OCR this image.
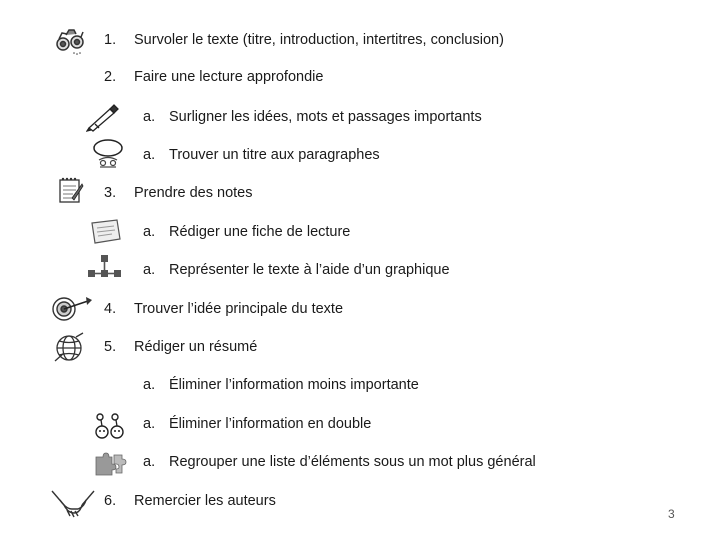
1. Survoler le texte (titre, introduction, intertitres, conclusion)
2. Faire une lecture approfondie
a. Surligner les idées, mots et passages importants
a. Trouver un titre aux paragraphes
3. Prendre des notes
a. Rédiger une fiche de lecture
a. Représenter le texte à l’aide d’un graphique
4. Trouver l’idée principale du texte
5. Rédiger un résumé
a. Éliminer l’information moins importante
a. Éliminer l’information en double
a. Regrouper une liste d’éléments sous un mot plus général
6. Remercier les auteurs
3
